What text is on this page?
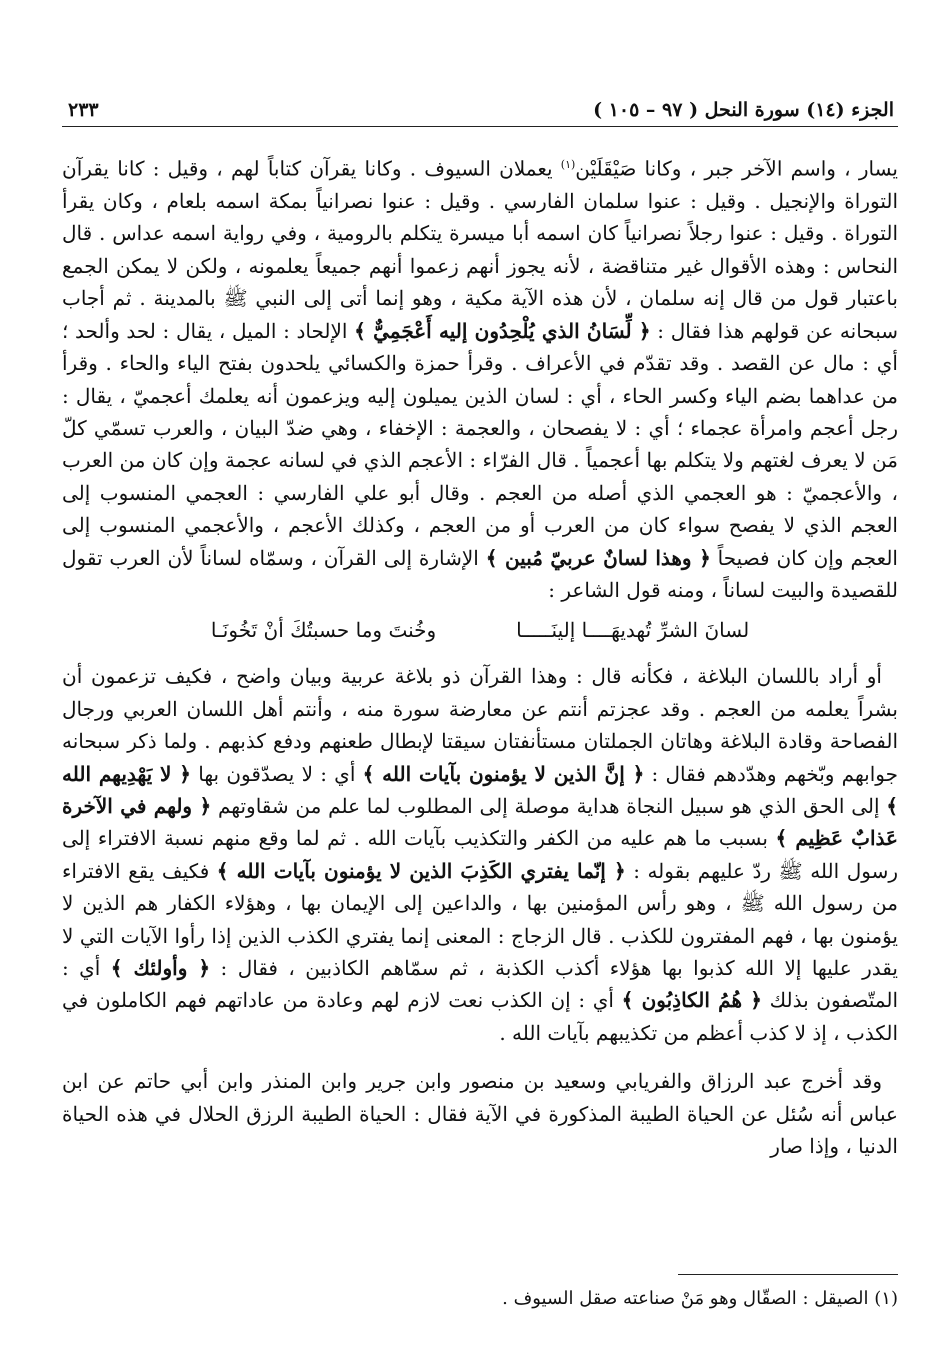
الجزء (١٤) سورة النحل ( ٩٧ – ١٠٥ )
٢٣٣

يسار ، واسم الآخر جبر ، وكانا صَيْقَلَيْن$^{(١)}$ يعملان السيوف . وكانا يقرآن كتاباً لهم ، وقيل : كانا يقرآن التوراة والإنجيل . وقيل : عنوا سلمان الفارسي . وقيل : عنوا نصرانياً بمكة اسمه بلعام ، وكان يقرأ التوراة . وقيل : عنوا رجلاً نصرانياً كان اسمه أبا ميسرة يتكلم بالرومية ، وفي رواية اسمه عداس . قال النحاس : وهذه الأقوال غير متناقضة ، لأنه يجوز أنهم زعموا أنهم جميعاً يعلمونه ، ولكن لا يمكن الجمع باعتبار قول من قال إنه سلمان ، لأن هذه الآية مكية ، وهو إنما أتى إلى النبي ﷺ بالمدينة . ثم أجاب سبحانه عن قولهم هذا فقال : ﴿ لِّسَانُ الذي يُلْحِدُون إليه أَعْجَمِيٌّ ﴾ الإلحاد : الميل ، يقال : لحد وألحد ؛ أي : مال عن القصد . وقد تقدّم في الأعراف . وقرأ حمزة والكسائي يلحدون بفتح الياء والحاء . وقرأ من عداهما بضم الياء وكسر الحاء ، أي : لسان الذين يميلون إليه ويزعمون أنه يعلمك أعجميّ ، يقال : رجل أعجم وامرأة عجماء ؛ أي : لا يفصحان ، والعجمة : الإخفاء ، وهي ضدّ البيان ، والعرب تسمّي كلّ مَن لا يعرف لغتهم ولا يتكلم بها أعجمياً . قال الفرّاء : الأعجم الذي في لسانه عجمة وإن كان من العرب ، والأعجميّ : هو العجمي الذي أصله من العجم . وقال أبو علي الفارسي : العجمي المنسوب إلى العجم الذي لا يفصح سواء كان من العرب أو من العجم ، وكذلك الأعجم ، والأعجمي المنسوب إلى العجم وإن كان فصيحاً ﴿ وهذا لسانٌ عربيّ مُبين ﴾ الإشارة إلى القرآن ، وسمّاه لساناً لأن العرب تقول للقصيدة والبيت لساناً ، ومنه قول الشاعر :

لسانَ الشرِّ تُهديهَــــا إلينَـــــا
وخُنتَ وما حسبتُكَ أنْ تَخُونَـا

أو أراد باللسان البلاغة ، فكأنه قال : وهذا القرآن ذو بلاغة عربية وبيان واضح ، فكيف تزعمون أن بشراً يعلمه من العجم . وقد عجزتم أنتم عن معارضة سورة منه ، وأنتم أهل اللسان العربي ورجال الفصاحة وقادة البلاغة وهاتان الجملتان مستأنفتان سيقتا لإبطال طعنهم ودفع كذبهم . ولما ذكر سبحانه جوابهم وبّخهم وهدّدهم فقال : ﴿ إنَّ الذين لا يؤمنون بآيات الله ﴾ أي : لا يصدّقون بها ﴿ لا يَهْدِيهم الله ﴾ إلى الحق الذي هو سبيل النجاة هداية موصلة إلى المطلوب لما علم من شقاوتهم ﴿ ولهم في الآخرة عَذابٌ عَظِيم ﴾ بسبب ما هم عليه من الكفر والتكذيب بآيات الله . ثم لما وقع منهم نسبة الافتراء إلى رسول الله ﷺ ردّ عليهم بقوله : ﴿ إنّما يفتري الكَذِبَ الذين لا يؤمنون بآيات الله ﴾ فكيف يقع الافتراء من رسول الله ﷺ ، وهو رأس المؤمنين بها ، والداعين إلى الإيمان بها ، وهؤلاء الكفار هم الذين لا يؤمنون بها ، فهم المفترون للكذب . قال الزجاج : المعنى إنما يفتري الكذب الذين إذا رأوا الآيات التي لا يقدر عليها إلا الله كذبوا بها هؤلاء أكذب الكذبة ، ثم سمّاهم الكاذبين ، فقال : ﴿ وأولئك ﴾ أي : المتّصفون بذلك ﴿ هُمُ الكاذِبُون ﴾ أي : إن الكذب نعت لازم لهم وعادة من عاداتهم فهم الكاملون في الكذب ، إذ لا كذب أعظم من تكذيبهم بآيات الله .

وقد أخرج عبد الرزاق والفريابي وسعيد بن منصور وابن جرير وابن المنذر وابن أبي حاتم عن ابن عباس أنه سُئل عن الحياة الطيبة المذكورة في الآية فقال : الحياة الطيبة الرزق الحلال في هذه الحياة الدنيا ، وإذا صار

(١) الصيقل : الصقّال وهو مَنْ صناعته صقل السيوف .
